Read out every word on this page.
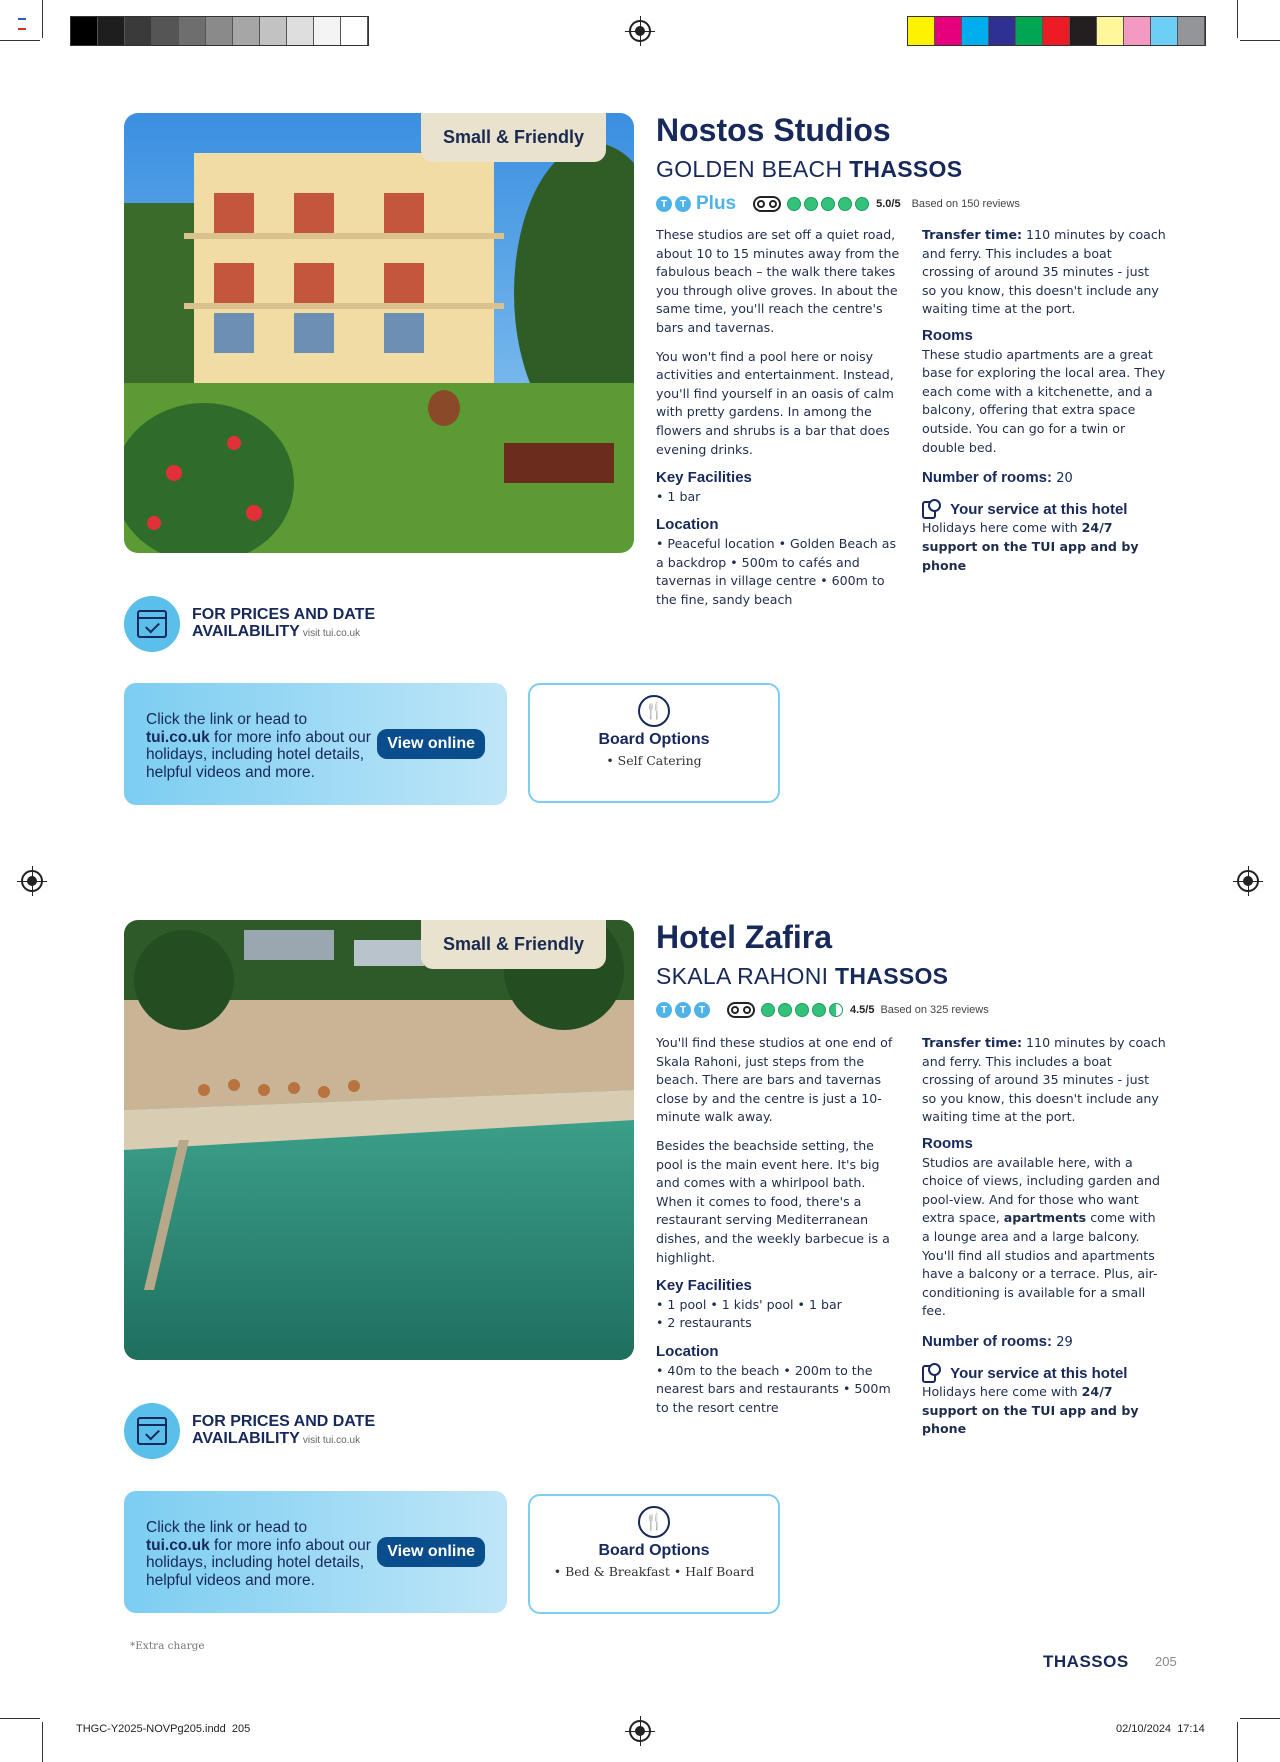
Small & Friendly	Nostos Studios
GOLDEN BEACH THASSOS
T	T Plus	5.0/5 Based on 150 reviews

These studios are set off a quiet road, about 10 to 15 minutes away from the fabulous beach – the walk there takes you through olive groves. In about the same time, you'll reach the centre's bars and tavernas.

You won't find a pool here or noisy activities and entertainment. Instead, you'll find yourself in an oasis of calm with pretty gardens. In among the flowers and shrubs is a bar that does evening drinks.

Key Facilities
• 1 bar
Location
• Peaceful location • Golden Beach as a backdrop • 500m to cafés and tavernas in village centre • 600m to the fine, sandy beach
Transfer time: 110 minutes by coach and ferry. This includes a boat crossing of around 35 minutes - just so you know, this doesn't include any waiting time at the port.
Rooms
These studio apartments are a great base for exploring the local area. They each come with a kitchenette, and a balcony, offering that extra space outside. You can go for a twin or double bed.
Number of rooms: 20

Your service at this hotel
Holidays here come with 24/7 support on the TUI app and by phone
FOR PRICES AND DATE
AVAILABILITY visit tui.co.uk
Click the link or head to
tui.co.uk for more info about our holidays, including hotel details, helpful videos and more.
View online
🍴
Board Options
• Self Catering
Small & Friendly	Hotel Zafira
SKALA RAHONI THASSOS
T	T	T	4.5/5 Based on 325 reviews

You'll find these studios at one end of Skala Rahoni, just steps from the beach. There are bars and tavernas close by and the centre is just a 10-minute walk away.

Besides the beachside setting, the pool is the main event here. It's big and comes with a whirlpool bath. When it comes to food, there's a restaurant serving Mediterranean dishes, and the weekly barbecue is a highlight.

Key Facilities
• 1 pool • 1 kids' pool • 1 bar
• 2 restaurants
Location
• 40m to the beach • 200m to the nearest bars and restaurants • 500m to the resort centre
Transfer time: 110 minutes by coach and ferry. This includes a boat crossing of around 35 minutes - just so you know, this doesn't include any waiting time at the port.
Rooms
Studios are available here, with a choice of views, including garden and pool-view. And for those who want extra space, apartments come with a lounge area and a large balcony. You'll find all studios and apartments have a balcony or a terrace. Plus, air-conditioning is available for a small fee.
Number of rooms: 29

Your service at this hotel
Holidays here come with 24/7 support on the TUI app and by phone
FOR PRICES AND DATE
AVAILABILITY visit tui.co.uk
Click the link or head to
tui.co.uk for more info about our holidays, including hotel details, helpful videos and more.
View online
🍴
Board Options
• Bed & Breakfast • Half Board
*Extra charge
THASSOS 205
THGC-Y2025-NOVPg205.indd 205	02/10/2024 17:14
